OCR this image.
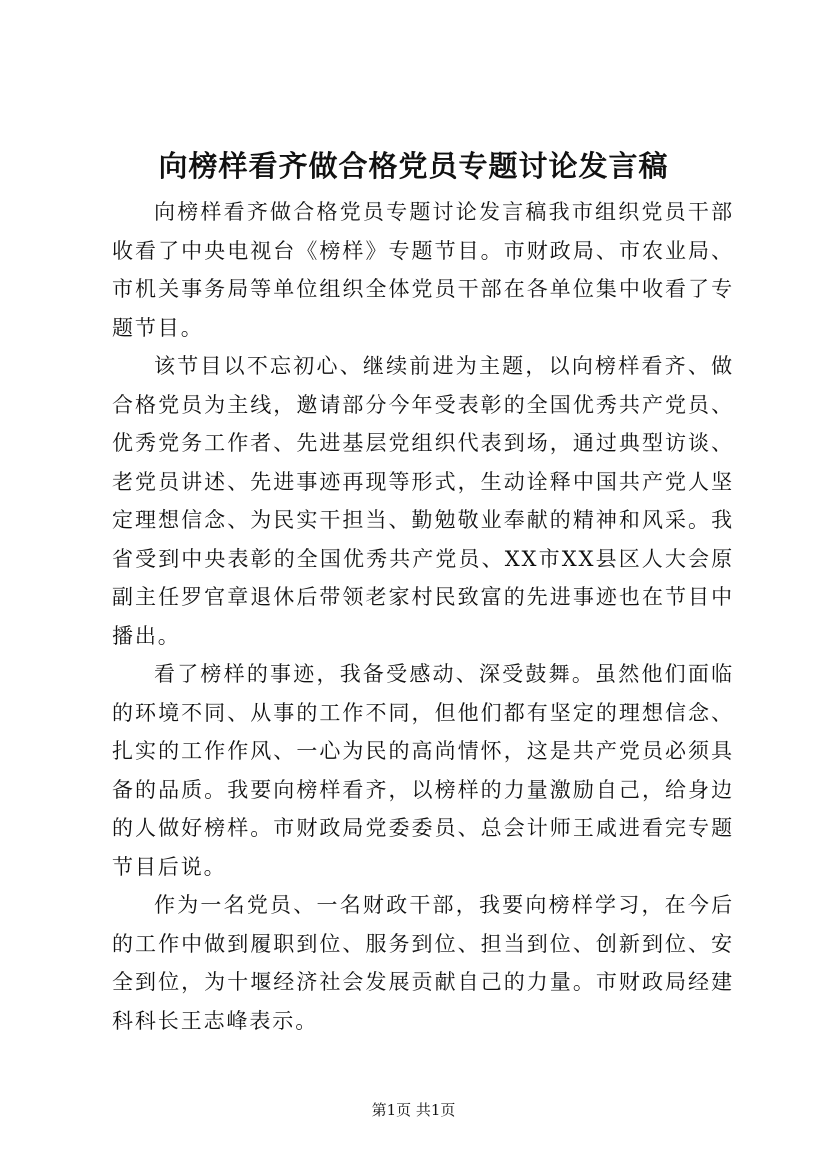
向榜样看齐做合格党员专题讨论发言稿

向榜样看齐做合格党员专题讨论发言稿我市组织党员干部收看了中央电视台《榜样》专题节目。市财政局、市农业局、市机关事务局等单位组织全体党员干部在各单位集中收看了专题节目。

该节目以不忘初心、继续前进为主题，以向榜样看齐、做合格党员为主线，邀请部分今年受表彰的全国优秀共产党员、优秀党务工作者、先进基层党组织代表到场，通过典型访谈、老党员讲述、先进事迹再现等形式，生动诠释中国共产党人坚定理想信念、为民实干担当、勤勉敬业奉献的精神和风采。我省受到中央表彰的全国优秀共产党员、XX市XX县区人大会原副主任罗官章退休后带领老家村民致富的先进事迹也在节目中播出。

看了榜样的事迹，我备受感动、深受鼓舞。虽然他们面临的环境不同、从事的工作不同，但他们都有坚定的理想信念、扎实的工作作风、一心为民的高尚情怀，这是共产党员必须具备的品质。我要向榜样看齐，以榜样的力量激励自己，给身边的人做好榜样。市财政局党委委员、总会计师王咸进看完专题节目后说。

作为一名党员、一名财政干部，我要向榜样学习，在今后的工作中做到履职到位、服务到位、担当到位、创新到位、安全到位，为十堰经济社会发展贡献自己的力量。市财政局经建科科长王志峰表示。

第1页 共1页
